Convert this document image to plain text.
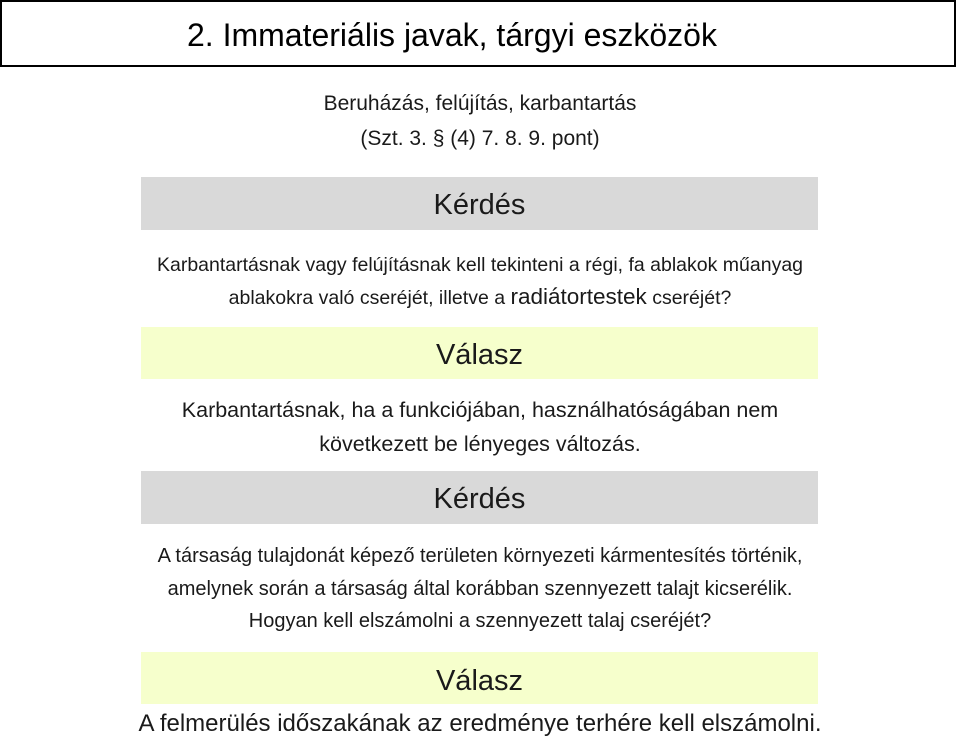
2. Immateriális javak, tárgyi eszközök
Beruházás, felújítás, karbantartás
(Szt. 3. § (4) 7. 8. 9. pont)
Kérdés
Karbantartásnak vagy felújításnak kell tekinteni a régi, fa ablakok műanyag
ablakokra való cseréjét, illetve a radiátortestek cseréjét?
Válasz
Karbantartásnak, ha a funkciójában, használhatóságában nem
következett be lényeges változás.
Kérdés
A társaság tulajdonát képező területen környezeti kármentesítés történik,
amelynek során a társaság által korábban szennyezett talajt kicserélik.
Hogyan kell elszámolni a szennyezett talaj cseréjét?
Válasz
A felmerülés időszakának az eredménye terhére kell elszámolni.
